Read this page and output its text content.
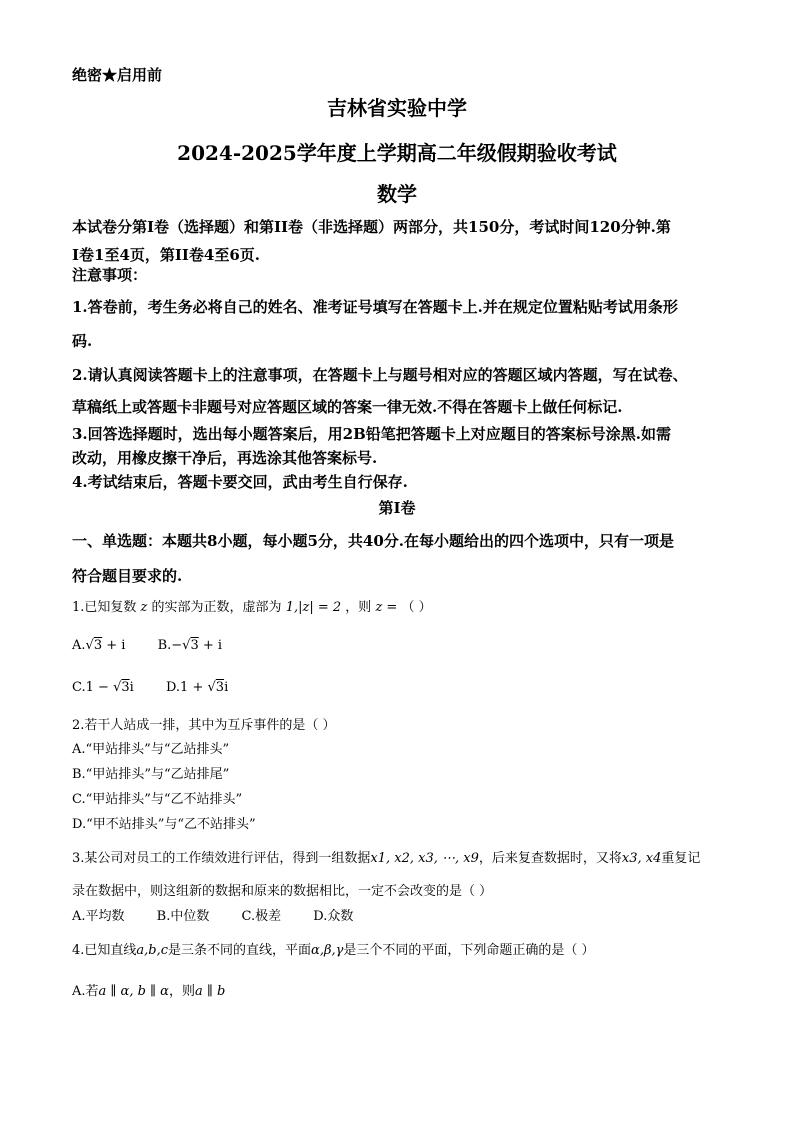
绝密★启用前
吉林省实验中学
2024-2025学年度上学期高二年级假期验收考试
数学
本试卷分第I卷（选择题）和第II卷（非选择题）两部分，共150分，考试时间120分钟.第
I卷1至4页，第II卷4至6页.
注意事项：
1.答卷前，考生务必将自己的姓名、准考证号填写在答题卡上.并在规定位置粘贴考试用条形
码.
2.请认真阅读答题卡上的注意事项，在答题卡上与题号相对应的答题区域内答题，写在试卷、
草稿纸上或答题卡非题号对应答题区域的答案一律无效.不得在答题卡上做任何标记.
3.回答选择题时，选出每小题答案后，用2B铅笔把答题卡上对应题目的答案标号涂黑.如需
改动，用橡皮擦干净后，再选涂其他答案标号.
4.考试结束后，答题卡要交回，武由考生自行保存.
第I卷
一、单选题：本题共8小题，每小题5分，共40分.在每小题给出的四个选项中，只有一项是
符合题目要求的.
1.已知复数 z 的实部为正数，虚部为 1,|z| = 2 ，则 z = （ ）
A.√3 + i B.−√3 + i
C.1 − √3i D.1 + √3i
2.若干人站成一排，其中为互斥事件的是（ ）
A.“甲站排头”与“乙站排头”
B.“甲站排头”与“乙站排尾”
C.“甲站排头”与“乙不站排头”
D.“甲不站排头”与“乙不站排头”
3.某公司对员工的工作绩效进行评估，得到一组数据x1, x2, x3, ⋯, x9，后来复查数据时，又将x3, x4重复记
录在数据中，则这组新的数据和原来的数据相比，一定不会改变的是（ ）
A.平均数 B.中位数 C.极差 D.众数
4.已知直线a,b,c是三条不同的直线，平面α,β,γ是三个不同的平面，下列命题正确的是（ ）
A.若a ∥ α, b ∥ α，则a ∥ b
